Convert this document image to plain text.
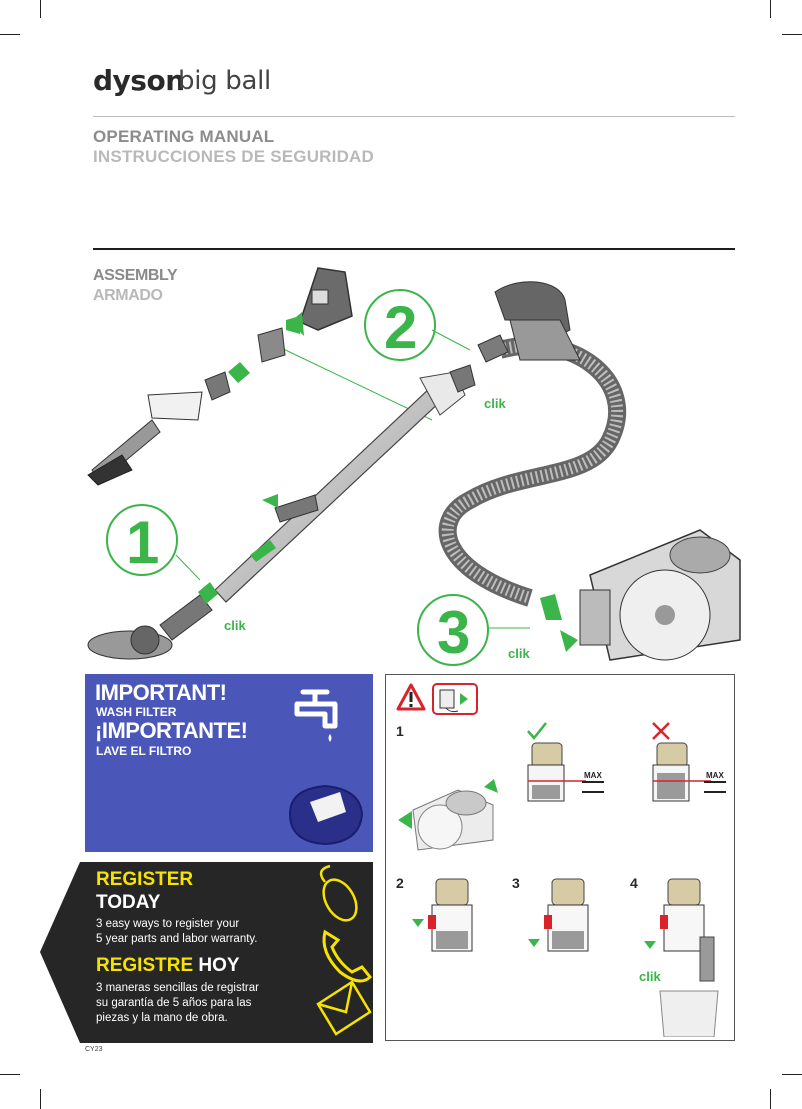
dyson
big ball
OPERATING MANUAL
INSTRUCCIONES DE SEGURIDAD
ASSEMBLY
ARMADO
1
2
3
clik
clik
clik
IMPORTANT!
WASH FILTER
¡IMPORTANTE!
LAVE EL FILTRO
REGISTER
TODAY
3 easy ways to register your
5 year parts and labor warranty.
REGISTRE HOY
3 maneras sencillas de registrar
su garantía de 5 años para las
piezas y la mano de obra.
1
MAX	MAX
2	3	4
clik
CY23
